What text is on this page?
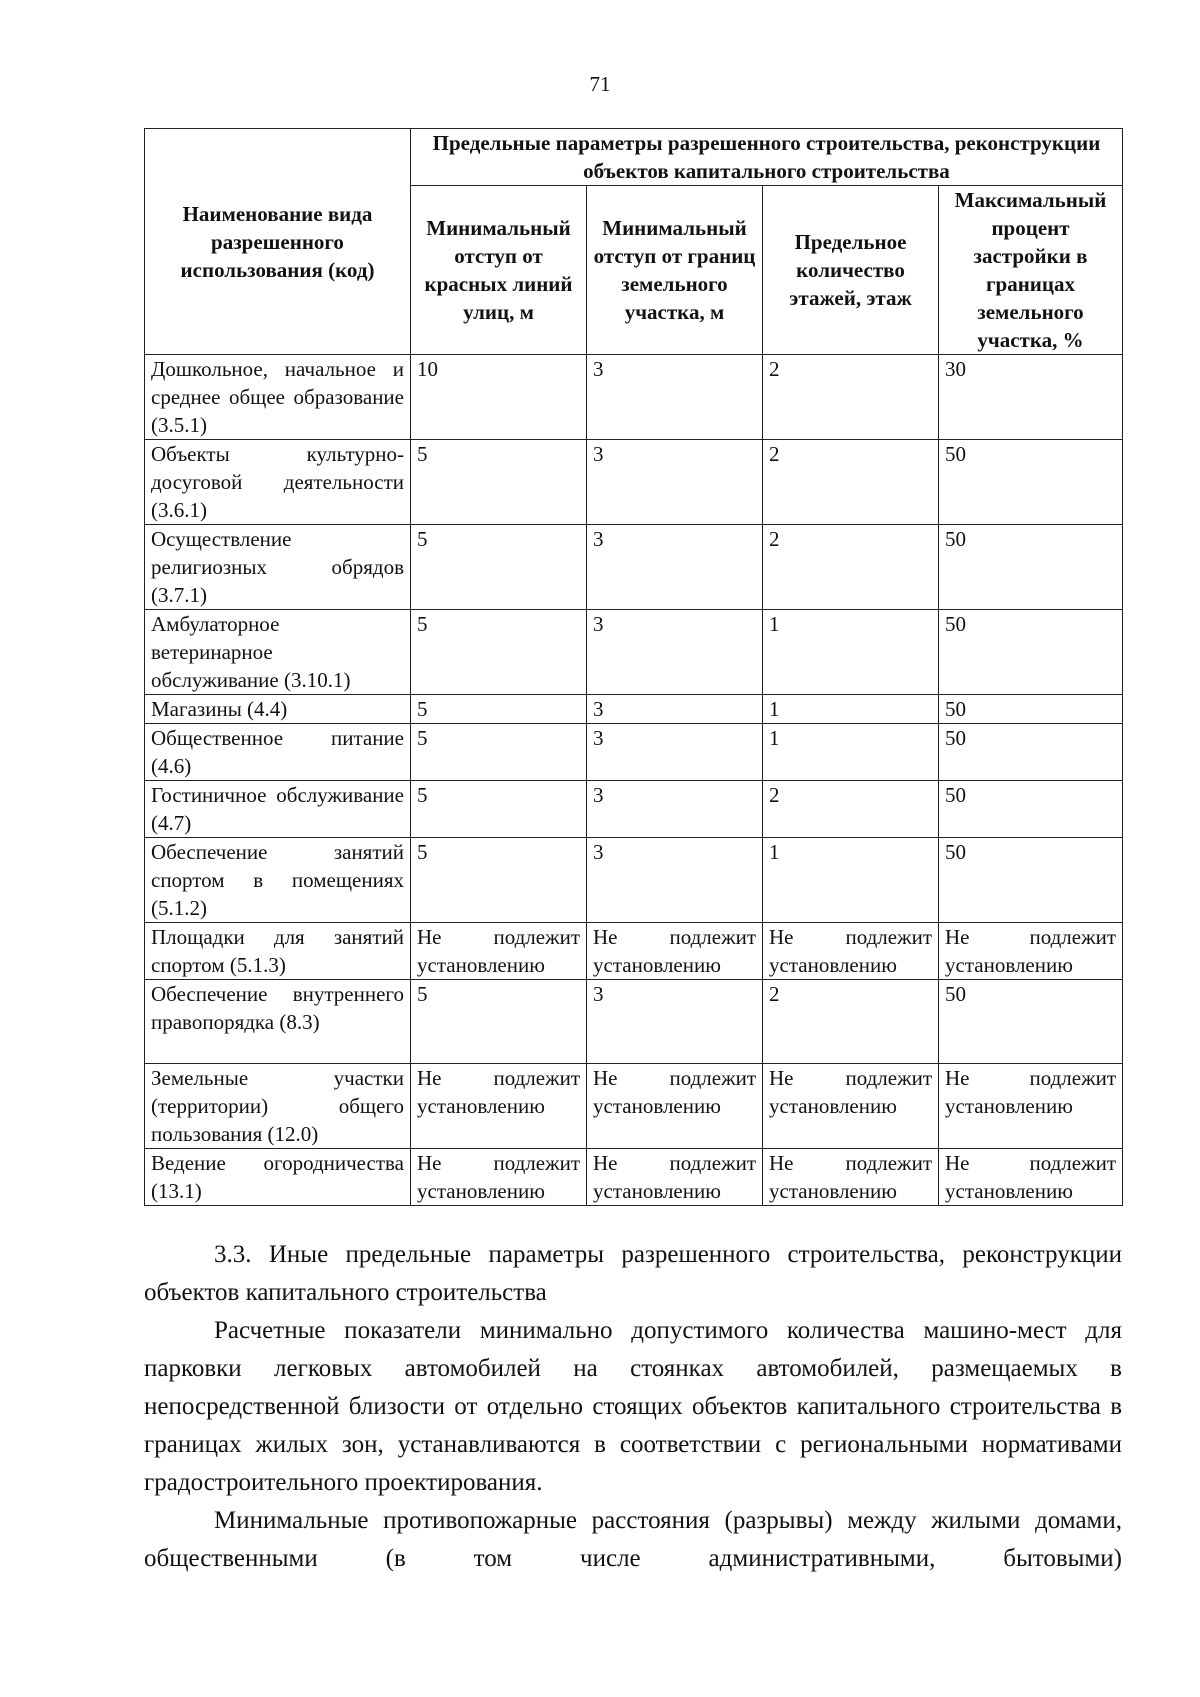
71
Наименование вида разрешенного использования (код)	Предельные параметры разрешенного строительства, реконструкции объектов капитального строительства			
	Минимальный отступ от красных линий улиц, м	Минимальный отступ от границ земельного участка, м	Предельное количество этажей, этаж	Максимальный процент застройки в границах земельного участка, %
Дошкольное, начальное и среднее общее образование (3.5.1)	10	3	2	30
Объекты культурно-досуговой деятельности (3.6.1)	5	3	2	50
Осуществление религиозных обрядов (3.7.1)	5	3	2	50
Амбулаторное ветеринарное обслуживание (3.10.1)	5	3	1	50
Магазины (4.4)	5	3	1	50
Общественное питание (4.6)	5	3	1	50
Гостиничное обслуживание (4.7)	5	3	2	50
Обеспечение занятий спортом в помещениях (5.1.2)	5	3	1	50
Площадки для занятий спортом (5.1.3)	Не подлежит установлению	Не подлежит установлению	Не подлежит установлению	Не подлежит установлению
Обеспечение внутреннего правопорядка (8.3)	5	3	2	50
Земельные участки (территории) общего пользования (12.0)	Не подлежит установлению	Не подлежит установлению	Не подлежит установлению	Не подлежит установлению
Ведение огородничества (13.1)	Не подлежит установлению	Не подлежит установлению	Не подлежит установлению	Не подлежит установлению

3.3. Иные предельные параметры разрешенного строительства, реконструкции объектов капитального строительства

Расчетные показатели минимально допустимого количества машино-мест для парковки легковых автомобилей на стоянках автомобилей, размещаемых в непосредственной близости от отдельно стоящих объектов капитального строительства в границах жилых зон, устанавливаются в соответствии с региональными нормативами градостроительного проектирования.

Минимальные противопожарные расстояния (разрывы) между жилыми домами, общественными (в том числе административными, бытовыми)
